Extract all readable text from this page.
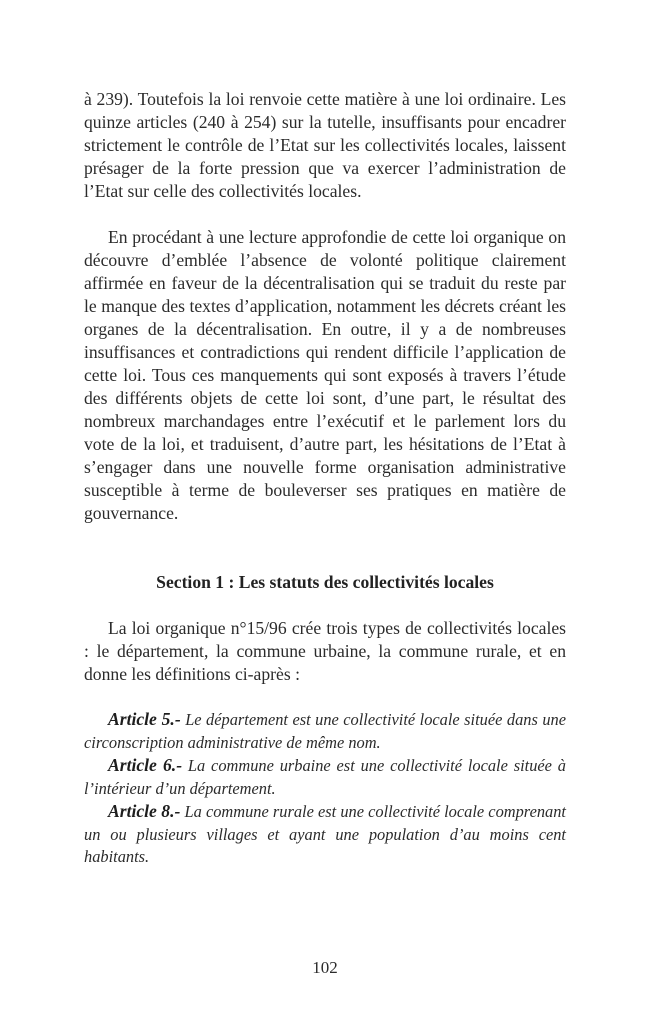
à 239). Toutefois la loi renvoie cette matière à une loi ordinaire. Les quinze articles (240 à 254) sur la tutelle, insuffisants pour encadrer strictement le contrôle de l’Etat sur les collectivités locales, laissent présager de la forte pression que va exercer l’administration de l’Etat sur celle des collectivités locales.

En procédant à une lecture approfondie de cette loi organique on découvre d’emblée l’absence de volonté politique clairement affirmée en faveur de la décentralisation qui se traduit du reste par le manque des textes d’application, notamment les décrets créant les organes de la décentralisation. En outre, il y a de nombreuses insuffisances et contradictions qui rendent difficile l’application de cette loi. Tous ces manquements qui sont exposés à travers l’étude des différents objets de cette loi sont, d’une part, le résultat des nombreux marchandages entre l’exécutif et le parlement lors du vote de la loi, et traduisent, d’autre part, les hésitations de l’Etat à s’engager dans une nouvelle forme organisation administrative susceptible à terme de bouleverser ses pratiques en matière de gouvernance.

Section 1 : Les statuts des collectivités locales

La loi organique n°15/96 crée trois types de collectivités locales : le département, la commune urbaine, la commune rurale, et en donne les définitions ci-après :

Article 5.- Le département est une collectivité locale située dans une circonscription administrative de même nom.

Article 6.- La commune urbaine est une collectivité locale située à l’intérieur d’un département.

Article 8.- La commune rurale est une collectivité locale comprenant un ou plusieurs villages et ayant une population d’au moins cent habitants.

102
